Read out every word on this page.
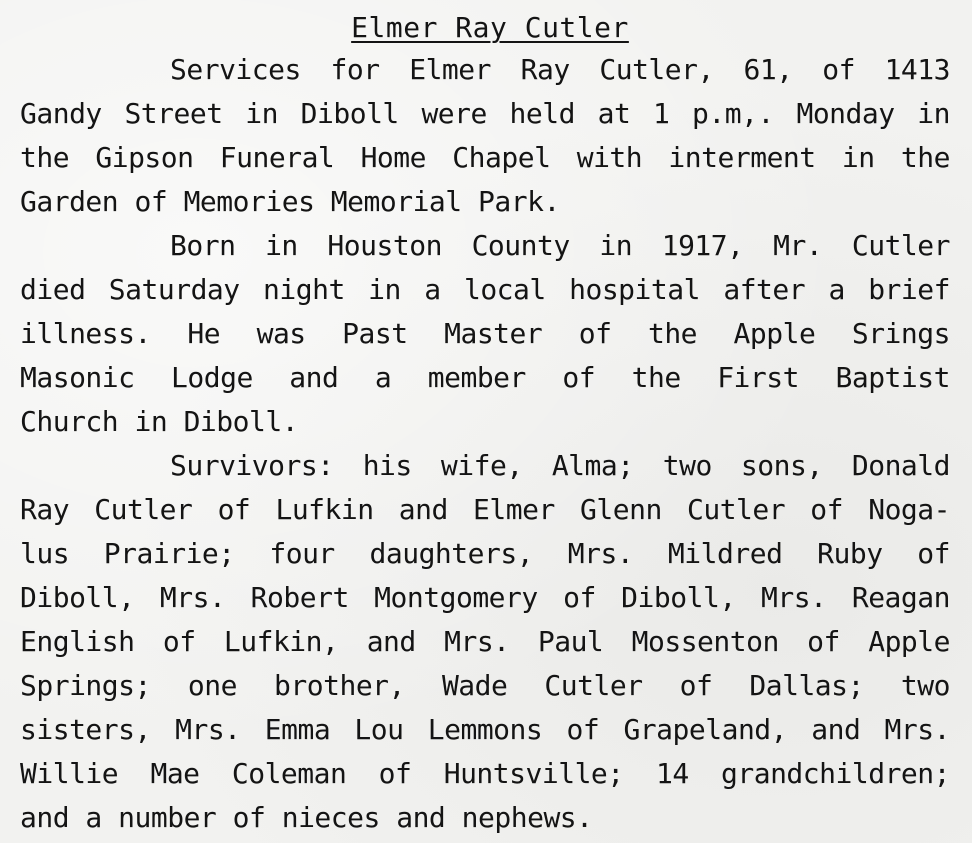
Elmer Ray Cutler
Services for Elmer Ray Cutler, 61, of 1413
Gandy Street in Diboll were held at 1 p.m,. Monday in
the Gipson Funeral Home Chapel with interment in the
Garden of Memories Memorial Park.
Born in Houston County in 1917, Mr. Cutler
died Saturday night in a local hospital after a brief
illness. He was Past Master of the Apple Srings
Masonic Lodge and a member of the First Baptist
Church in Diboll.
Survivors: his wife, Alma; two sons, Donald
Ray Cutler of Lufkin and Elmer Glenn Cutler of Noga-
lus Prairie; four daughters, Mrs. Mildred Ruby of
Diboll, Mrs. Robert Montgomery of Diboll, Mrs. Reagan
English of Lufkin, and Mrs. Paul Mossenton of Apple
Springs; one brother, Wade Cutler of Dallas; two
sisters, Mrs. Emma Lou Lemmons of Grapeland, and Mrs.
Willie Mae Coleman of Huntsville; 14 grandchildren;
and a number of nieces and nephews.
